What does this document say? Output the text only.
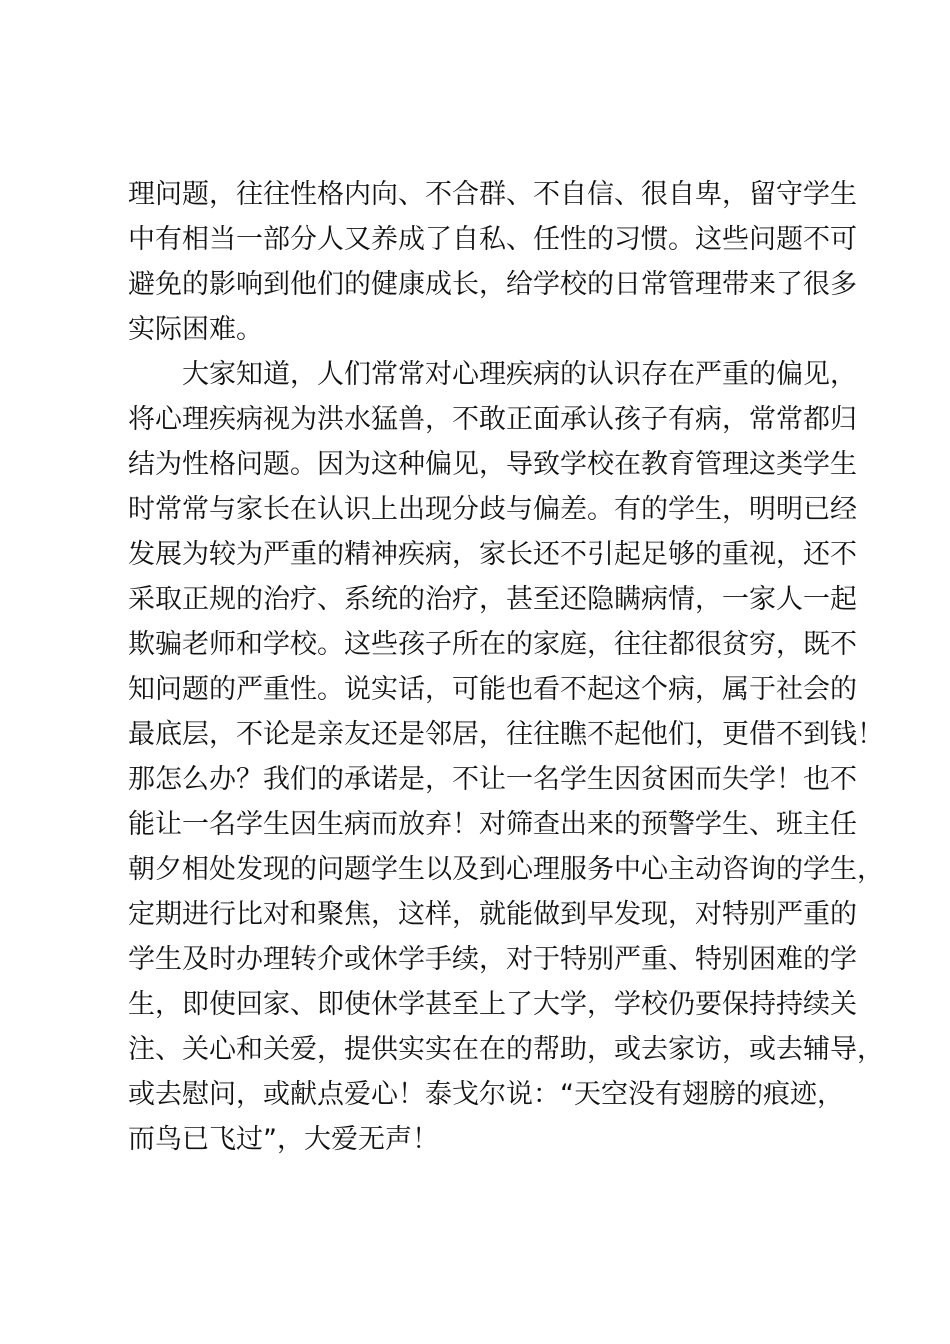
理问题，往往性格内向、不合群、不自信、很自卑，留守学生
中有相当一部分人又养成了自私、任性的习惯。这些问题不可
避免的影响到他们的健康成长，给学校的日常管理带来了很多
实际困难。
大家知道，人们常常对心理疾病的认识存在严重的偏见，
将心理疾病视为洪水猛兽，不敢正面承认孩子有病，常常都归
结为性格问题。因为这种偏见，导致学校在教育管理这类学生
时常常与家长在认识上出现分歧与偏差。有的学生，明明已经
发展为较为严重的精神疾病，家长还不引起足够的重视，还不
采取正规的治疗、系统的治疗，甚至还隐瞒病情，一家人一起
欺骗老师和学校。这些孩子所在的家庭，往往都很贫穷，既不
知问题的严重性。说实话，可能也看不起这个病，属于社会的
最底层，不论是亲友还是邻居，往往瞧不起他们，更借不到钱！
那怎么办？我们的承诺是，不让一名学生因贫困而失学！也不
能让一名学生因生病而放弃！对筛查出来的预警学生、班主任
朝夕相处发现的问题学生以及到心理服务中心主动咨询的学生，
定期进行比对和聚焦，这样，就能做到早发现，对特别严重的
学生及时办理转介或休学手续，对于特别严重、特别困难的学
生，即使回家、即使休学甚至上了大学，学校仍要保持持续关
注、关心和关爱，提供实实在在的帮助，或去家访，或去辅导，
或去慰问，或献点爱心！泰戈尔说：“天空没有翅膀的痕迹，
而鸟已飞过”，大爱无声！
